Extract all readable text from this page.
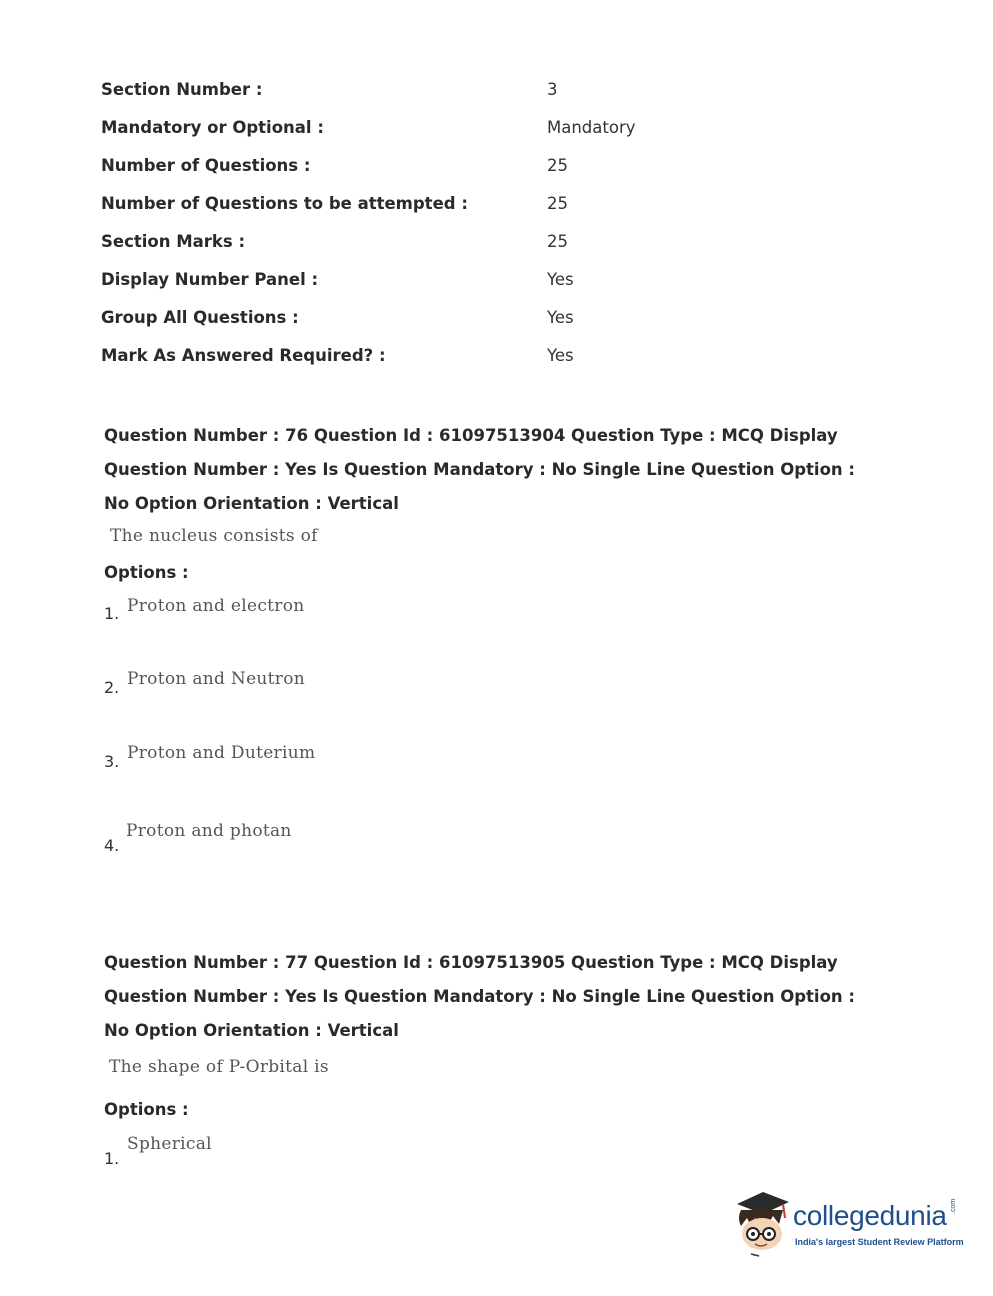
Section Number :	3
Mandatory or Optional :	Mandatory
Number of Questions :	25
Number of Questions to be attempted :	25
Section Marks :	25
Display Number Panel :	Yes
Group All Questions :	Yes
Mark As Answered Required? :	Yes
Question Number : 76 Question Id : 61097513904 Question Type : MCQ Display Question Number : Yes Is Question Mandatory : No Single Line Question Option : No Option Orientation : Vertical
The nucleus consists of
Options :
1. Proton and electron
2. Proton and Neutron
3. Proton and Duterium
4.
Proton and photan
Question Number : 77 Question Id : 61097513905 Question Type : MCQ Display Question Number : Yes Is Question Mandatory : No Single Line Question Option : No Option Orientation : Vertical
The shape of P-Orbital is
Options :
1.
Spherical
collegedunia .com
India's largest Student Review Platform
